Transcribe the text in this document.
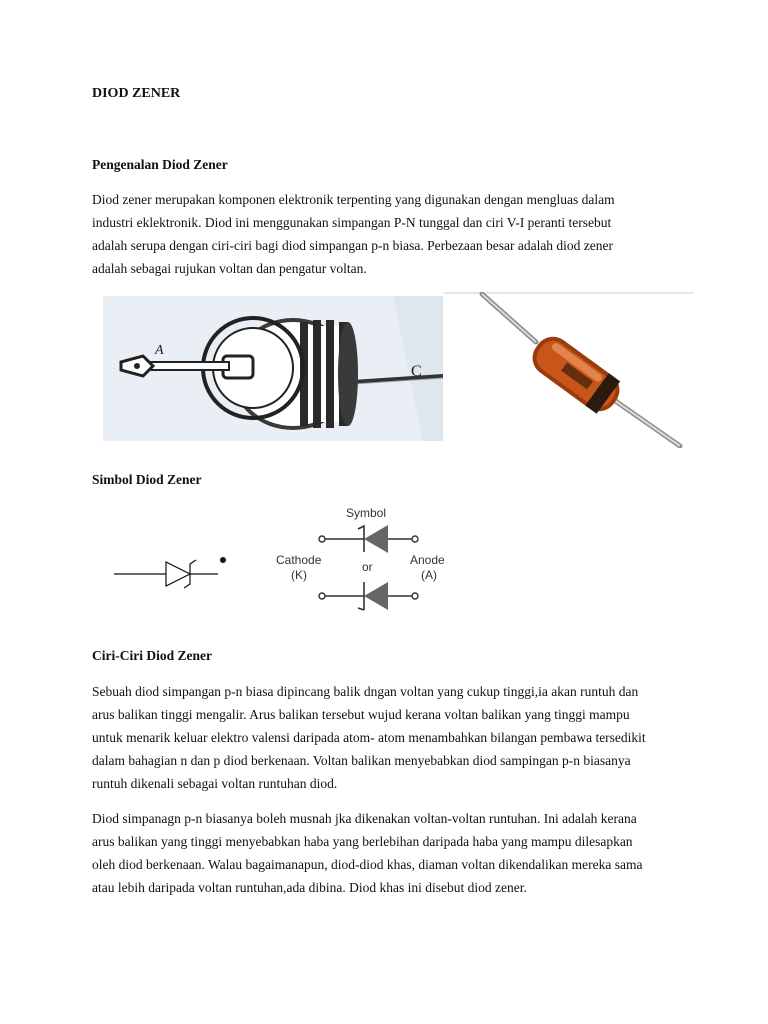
DIOD ZENER
Pengenalan Diod Zener
Diod zener merupakan komponen elektronik terpenting yang digunakan dengan mengluas dalam
industri eklektronik. Diod ini menggunakan simpangan P-N tunggal dan ciri V-I peranti tersebut
adalah serupa dengan ciri-ciri bagi diod simpangan p-n biasa. Perbezaan besar adalah diod zener
adalah sebagai rujukan voltan dan pengatur voltan.
A
C
Simbol Diod Zener
Symbol
Cathode
(K)
or	Anode
(A)
Ciri-Ciri Diod Zener
Sebuah diod simpangan p-n biasa dipincang balik dngan voltan yang cukup tinggi,ia akan runtuh dan
arus balikan tinggi mengalir. Arus balikan tersebut wujud kerana voltan balikan yang tinggi mampu
untuk menarik keluar elektro valensi daripada atom- atom menambahkan bilangan pembawa tersedikit
dalam bahagian n dan p diod berkenaan. Voltan balikan menyebabkan diod sampingan p-n biasanya
runtuh dikenali sebagai voltan runtuhan diod.
Diod simpanagn p-n biasanya boleh musnah jka dikenakan voltan-voltan runtuhan. Ini adalah kerana
arus balikan yang tinggi menyebabkan haba yang berlebihan daripada haba yang mampu dilesapkan
oleh diod berkenaan. Walau bagaimanapun, diod-diod khas, diaman voltan dikendalikan mereka sama
atau lebih daripada voltan runtuhan,ada dibina. Diod khas ini disebut diod zener.
